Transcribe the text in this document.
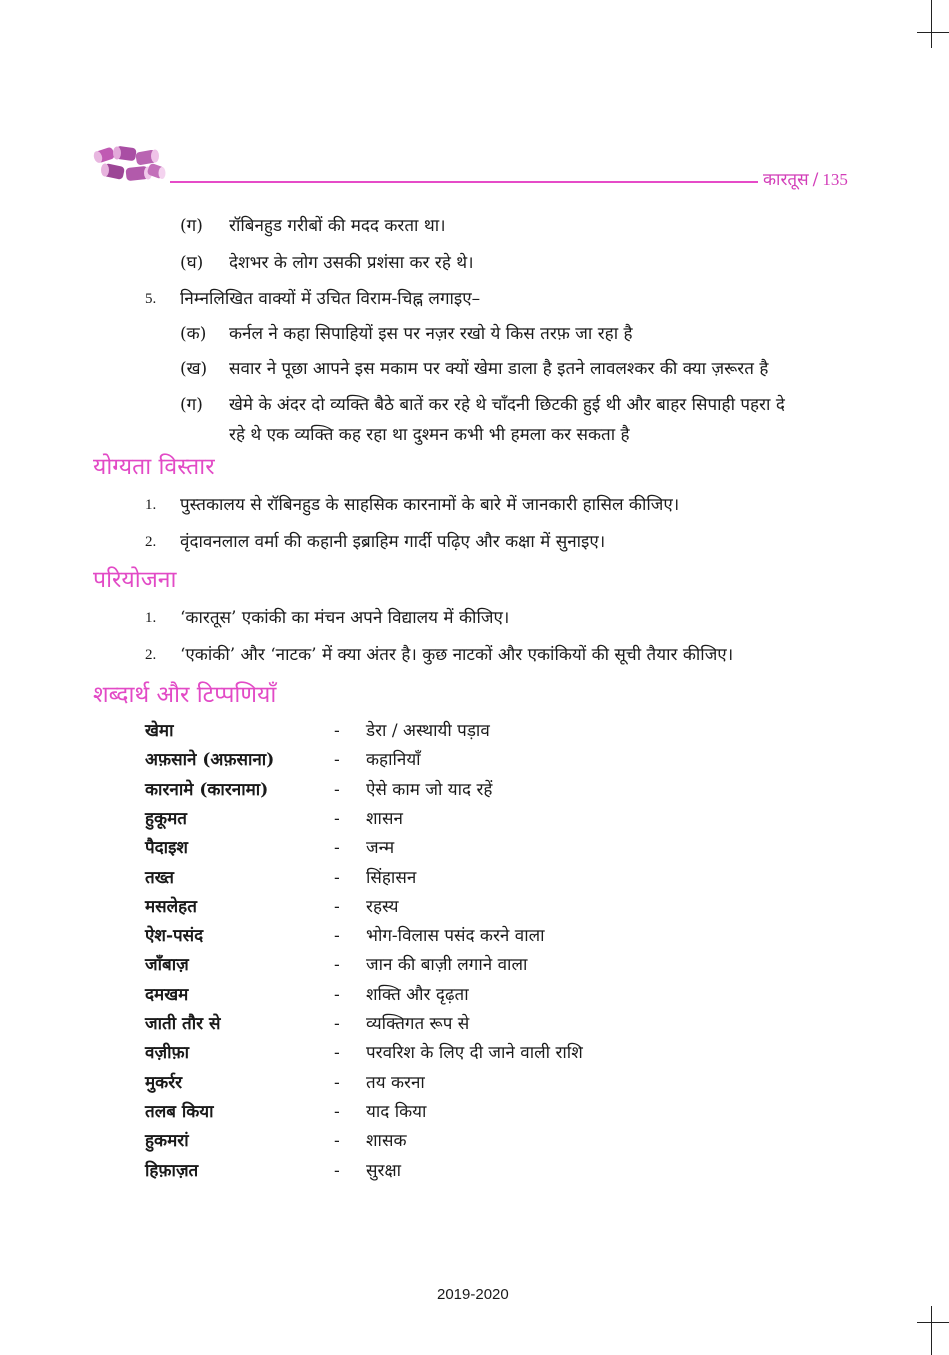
कारतूस / 135
(ग) रॉबिनहुड गरीबों की मदद करता था।
(घ) देशभर के लोग उसकी प्रशंसा कर रहे थे।
5. निम्नलिखित वाक्यों में उचित विराम-चिह्न लगाइए–
(क) कर्नल ने कहा सिपाहियों इस पर नज़र रखो ये किस तरफ़ जा रहा है
(ख) सवार ने पूछा आपने इस मकाम पर क्यों खेमा डाला है इतने लावलश्कर की क्या ज़रूरत है
(ग) खेमे के अंदर दो व्यक्ति बैठे बातें कर रहे थे चाँदनी छिटकी हुई थी और बाहर सिपाही पहरा दे
रहे थे एक व्यक्ति कह रहा था दुश्मन कभी भी हमला कर सकता है
योग्यता विस्तार
1. पुस्तकालय से रॉबिनहुड के साहसिक कारनामों के बारे में जानकारी हासिल कीजिए।
2. वृंदावनलाल वर्मा की कहानी इब्राहिम गार्दी पढ़िए और कक्षा में सुनाइए।
परियोजना
1. ‘कारतूस’ एकांकी का मंचन अपने विद्यालय में कीजिए।
2. ‘एकांकी’ और ‘नाटक’ में क्या अंतर है। कुछ नाटकों और एकांकियों की सूची तैयार कीजिए।
शब्दार्थ और टिप्पणियाँ
खेमा	- डेरा / अस्थायी पड़ाव
अफ़साने (अफ़साना)	- कहानियाँ
कारनामे (कारनामा)	- ऐसे काम जो याद रहें
हुकूमत	- शासन
पैदाइश	- जन्म
तख्त	- सिंहासन
मसलेहत	- रहस्य
ऐश-पसंद	- भोग-विलास पसंद करने वाला
जाँबाज़	- जान की बाज़ी लगाने वाला
दमखम	- शक्ति और दृढ़ता
जाती तौर से	- व्यक्तिगत रूप से
वज़ीफ़ा	- परवरिश के लिए दी जाने वाली राशि
मुकर्रर	- तय करना
तलब किया	- याद किया
हुकमरां	- शासक
हिफ़ाज़त	- सुरक्षा
2019-2020
